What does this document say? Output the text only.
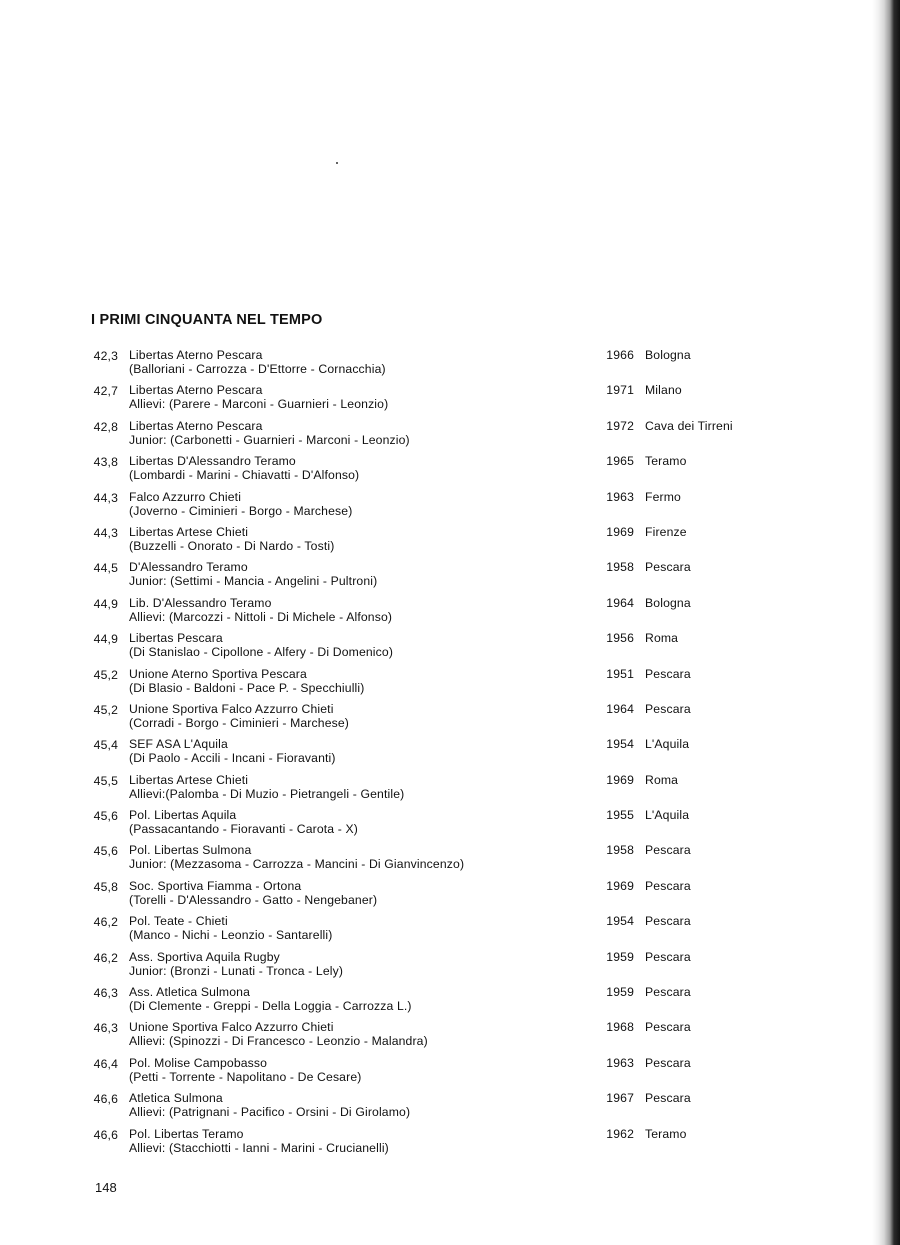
I PRIMI CINQUANTA NEL TEMPO
42,3 Libertas Aterno Pescara
(Balloriani - Carrozza - D'Ettorre - Cornacchia)
1966 Bologna
42,7 Libertas Aterno Pescara
Allievi: (Parere - Marconi - Guarnieri - Leonzio)
1971 Milano
42,8 Libertas Aterno Pescara
Junior: (Carbonetti - Guarnieri - Marconi - Leonzio)
1972 Cava dei Tirreni
43,8 Libertas D'Alessandro Teramo
(Lombardi - Marini - Chiavatti - D'Alfonso)
1965 Teramo
44,3 Falco Azzurro Chieti
(Joverno - Ciminieri - Borgo - Marchese)
1963 Fermo
44,3 Libertas Artese Chieti
(Buzzelli - Onorato - Di Nardo - Tosti)
1969 Firenze
44,5 D'Alessandro Teramo
Junior: (Settimi - Mancia - Angelini - Pultroni)
1958 Pescara
44,9 Lib. D'Alessandro Teramo
Allievi: (Marcozzi - Nittoli - Di Michele - Alfonso)
1964 Bologna
44,9 Libertas Pescara
(Di Stanislao - Cipollone - Alfery - Di Domenico)
1956 Roma
45,2 Unione Aterno Sportiva Pescara
(Di Blasio - Baldoni - Pace P. - Specchiulli)
1951 Pescara
45,2 Unione Sportiva Falco Azzurro Chieti
(Corradi - Borgo - Ciminieri - Marchese)
1964 Pescara
45,4 SEF ASA L'Aquila
(Di Paolo - Accili - Incani - Fioravanti)
1954 L'Aquila
45,5 Libertas Artese Chieti
Allievi:(Palomba - Di Muzio - Pietrangeli - Gentile)
1969 Roma
45,6 Pol. Libertas Aquila
(Passacantando - Fioravanti - Carota - X)
1955 L'Aquila
45,6 Pol. Libertas Sulmona
Junior: (Mezzasoma - Carrozza - Mancini - Di Gianvincenzo)
1958 Pescara
45,8 Soc. Sportiva Fiamma - Ortona
(Torelli - D'Alessandro - Gatto - Nengebaner)
1969 Pescara
46,2 Pol. Teate - Chieti
(Manco - Nichi - Leonzio - Santarelli)
1954 Pescara
46,2 Ass. Sportiva Aquila Rugby
Junior: (Bronzi - Lunati - Tronca - Lely)
1959 Pescara
46,3 Ass. Atletica Sulmona
(Di Clemente - Greppi - Della Loggia - Carrozza L.)
1959 Pescara
46,3 Unione Sportiva Falco Azzurro Chieti
Allievi: (Spinozzi - Di Francesco - Leonzio - Malandra)
1968 Pescara
46,4 Pol. Molise Campobasso
(Petti - Torrente - Napolitano - De Cesare)
1963 Pescara
46,6 Atletica Sulmona
Allievi: (Patrignani - Pacifico - Orsini - Di Girolamo)
1967 Pescara
46,6 Pol. Libertas Teramo
Allievi: (Stacchiotti - Ianni - Marini - Crucianelli)
1962 Teramo
148
